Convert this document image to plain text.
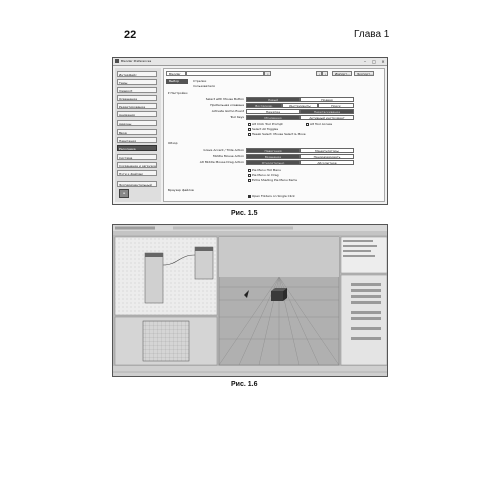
22	Глава 1
Blender Preferences	–	□	×
Интерфейс
Темы
Viewport
Освещение
Редактирование
Анимация
Аддоны
Ввод
Навигация
Раскладка
Система
Сохранение и загрузка
Пути к файлам
Экспериментальный
≡
Blender	⌕	‹	›	Импорт...	Экспорт...
Выбор	Стрелки пользователя
▾ Настройки
Select with Mouse Button	Левый	Правая
Пробельная клавиша	Воспроизв.	Инструменты	Поиск
Activate Gizmo Event	Нажатие	Перетаскивание
Tool Keys	Мгновенно	Активный инструмент
Alt Click Tool Prompt	Alt Tool Access
Select All Toggles
Tweak Select: Mouse Select & Move
Обзор
Grave Accent / Tilde Action	Навигация	Манипуляторы
Middle Mouse Action	Вращение	Панорамировать
Alt Middle Mouse Drag Action	Относительно	Абсолютное
Pie Menu Hot Menu
Pie Menu on Drag
Extra Shading Pie Menu Items
Браузер файлов
Open Folders on Single Click
Рис. 1.5
Рис. 1.6
